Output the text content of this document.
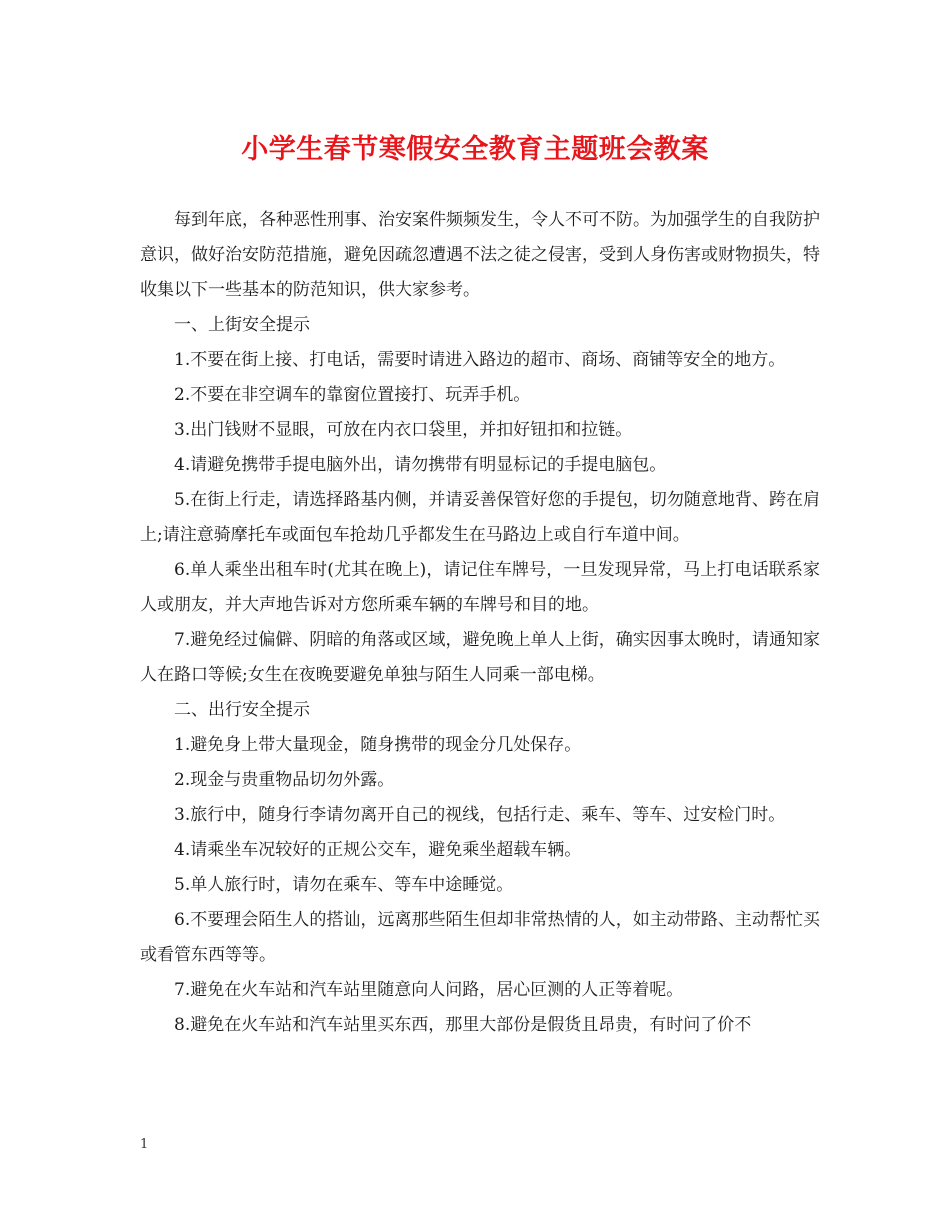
小学生春节寒假安全教育主题班会教案

每到年底，各种恶性刑事、治安案件频频发生，令人不可不防。为加强学生的自我防护意识，做好治安防范措施，避免因疏忽遭遇不法之徒之侵害，受到人身伤害或财物损失，特收集以下一些基本的防范知识，供大家参考。

一、上街安全提示

1.不要在街上接、打电话，需要时请进入路边的超市、商场、商铺等安全的地方。

2.不要在非空调车的靠窗位置接打、玩弄手机。

3.出门钱财不显眼，可放在内衣口袋里，并扣好钮扣和拉链。

4.请避免携带手提电脑外出，请勿携带有明显标记的手提电脑包。

5.在街上行走，请选择路基内侧，并请妥善保管好您的手提包，切勿随意地背、跨在肩上;请注意骑摩托车或面包车抢劫几乎都发生在马路边上或自行车道中间。

6.单人乘坐出租车时(尤其在晚上)，请记住车牌号，一旦发现异常，马上打电话联系家人或朋友，并大声地告诉对方您所乘车辆的车牌号和目的地。

7.避免经过偏僻、阴暗的角落或区域，避免晚上单人上街，确实因事太晚时，请通知家人在路口等候;女生在夜晚要避免单独与陌生人同乘一部电梯。

二、出行安全提示

1.避免身上带大量现金，随身携带的现金分几处保存。

2.现金与贵重物品切勿外露。

3.旅行中，随身行李请勿离开自己的视线，包括行走、乘车、等车、过安检门时。

4.请乘坐车况较好的正规公交车，避免乘坐超载车辆。

5.单人旅行时，请勿在乘车、等车中途睡觉。

6.不要理会陌生人的搭讪，远离那些陌生但却非常热情的人，如主动带路、主动帮忙买或看管东西等等。

7.避免在火车站和汽车站里随意向人问路，居心叵测的人正等着呢。

8.避免在火车站和汽车站里买东西，那里大部份是假货且昂贵，有时问了价不

1
